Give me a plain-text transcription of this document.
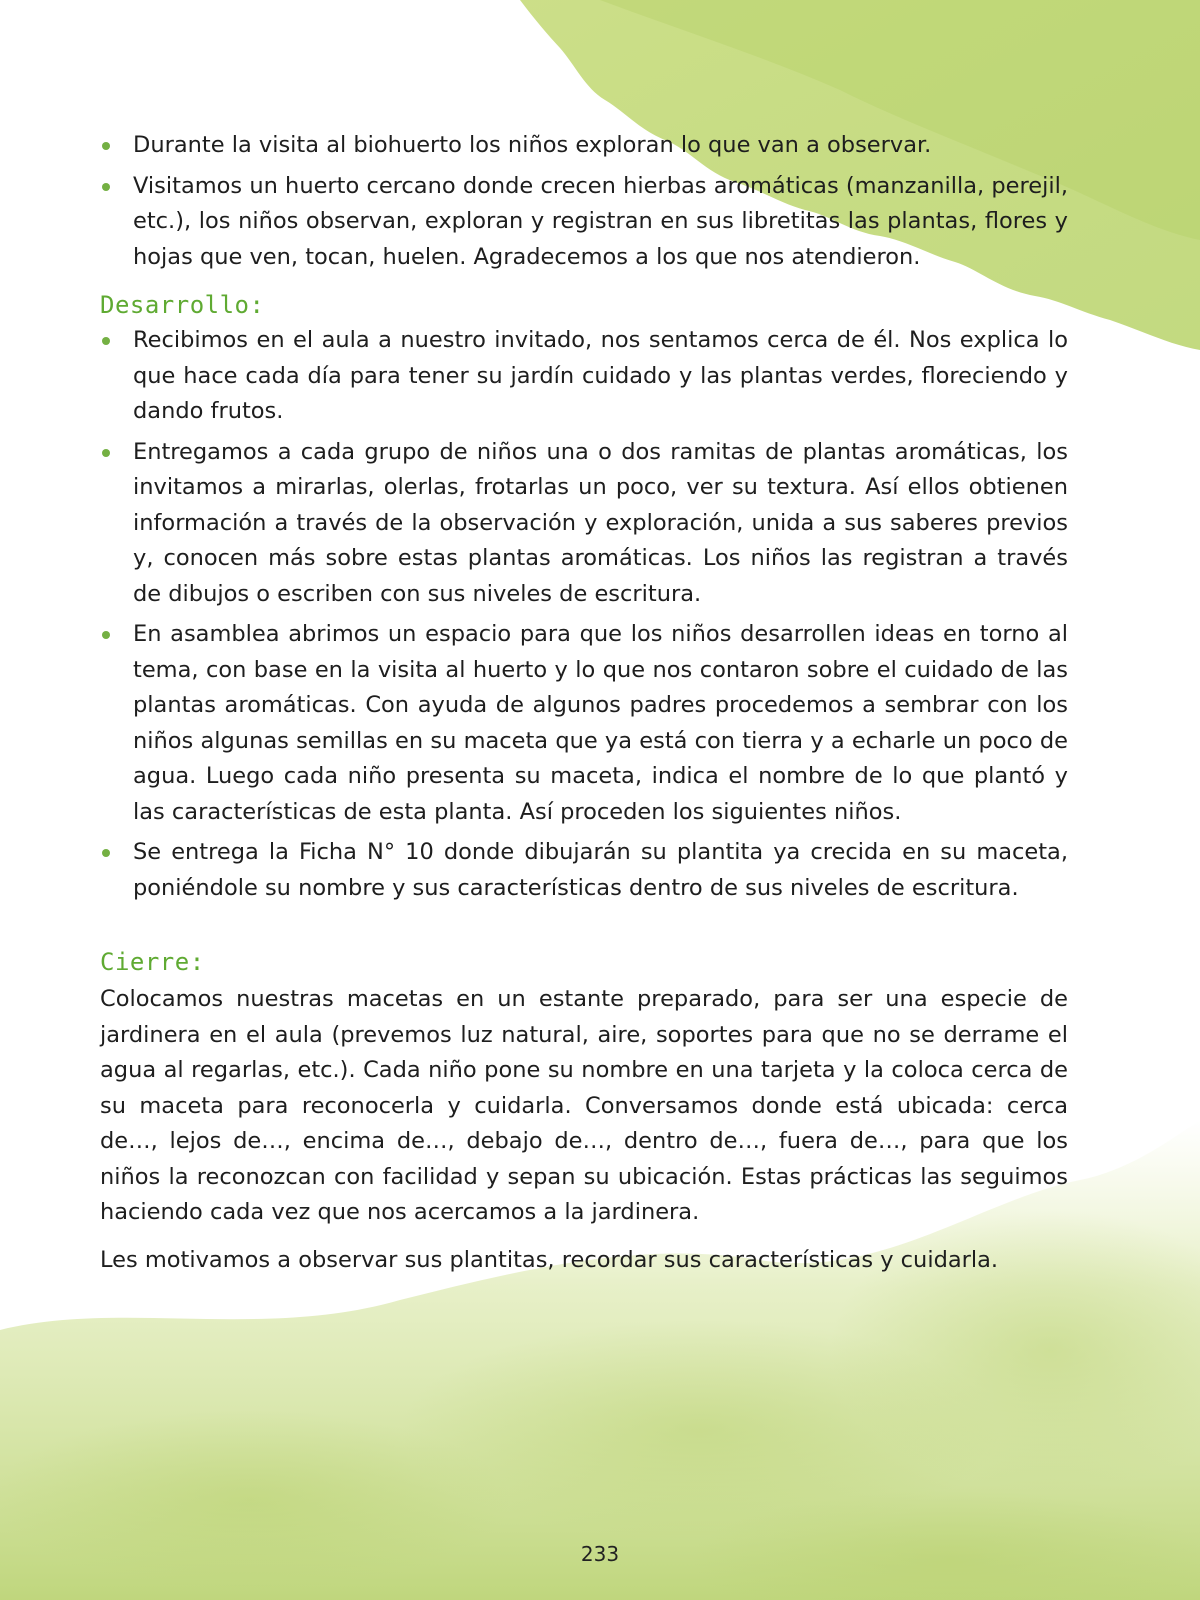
Durante la visita al biohuerto los niños exploran lo que van a observar.
Visitamos un huerto cercano donde crecen hierbas aromáticas (manzanilla, perejil, etc.), los niños observan, exploran y registran en sus libretitas las plantas, flores y hojas que ven, tocan, huelen. Agradecemos a los que nos atendieron.
Desarrollo:
Recibimos en el aula a nuestro invitado, nos sentamos cerca de él. Nos explica lo que hace cada día para tener su jardín cuidado y las plantas verdes, floreciendo y dando frutos.
Entregamos a cada grupo de niños una o dos ramitas de plantas aromáticas, los invitamos a mirarlas, olerlas, frotarlas un poco, ver su textura. Así ellos obtienen información a través de la observación y exploración, unida a sus saberes previos y, conocen más sobre estas plantas aromáticas. Los niños las registran a través de dibujos o escriben con sus niveles de escritura.
En asamblea abrimos un espacio para que los niños desarrollen ideas en torno al tema, con base en la visita al huerto y lo que nos contaron sobre el cuidado de las plantas aromáticas. Con ayuda de algunos padres procedemos a sembrar con los niños algunas semillas en su maceta que ya está con tierra y a echarle un poco de agua. Luego cada niño presenta su maceta, indica el nombre de lo que plantó y las características de esta planta. Así proceden los siguientes niños.
Se entrega la Ficha N° 10 donde dibujarán su plantita ya crecida en su maceta, poniéndole su nombre y sus características dentro de sus niveles de escritura.
Cierre:

Colocamos nuestras macetas en un estante preparado, para ser una especie de jardinera en el aula (prevemos luz natural, aire, soportes para que no se derrame el agua al regarlas, etc.). Cada niño pone su nombre en una tarjeta y la coloca cerca de su maceta para reconocerla y cuidarla. Conversamos donde está ubicada: cerca de…, lejos de…, encima de…, debajo de…, dentro de…, fuera de…, para que los niños la reconozcan con facilidad y sepan su ubicación. Estas prácticas las seguimos haciendo cada vez que nos acercamos a la jardinera.

Les motivamos a observar sus plantitas, recordar sus características y cuidarla.

233
